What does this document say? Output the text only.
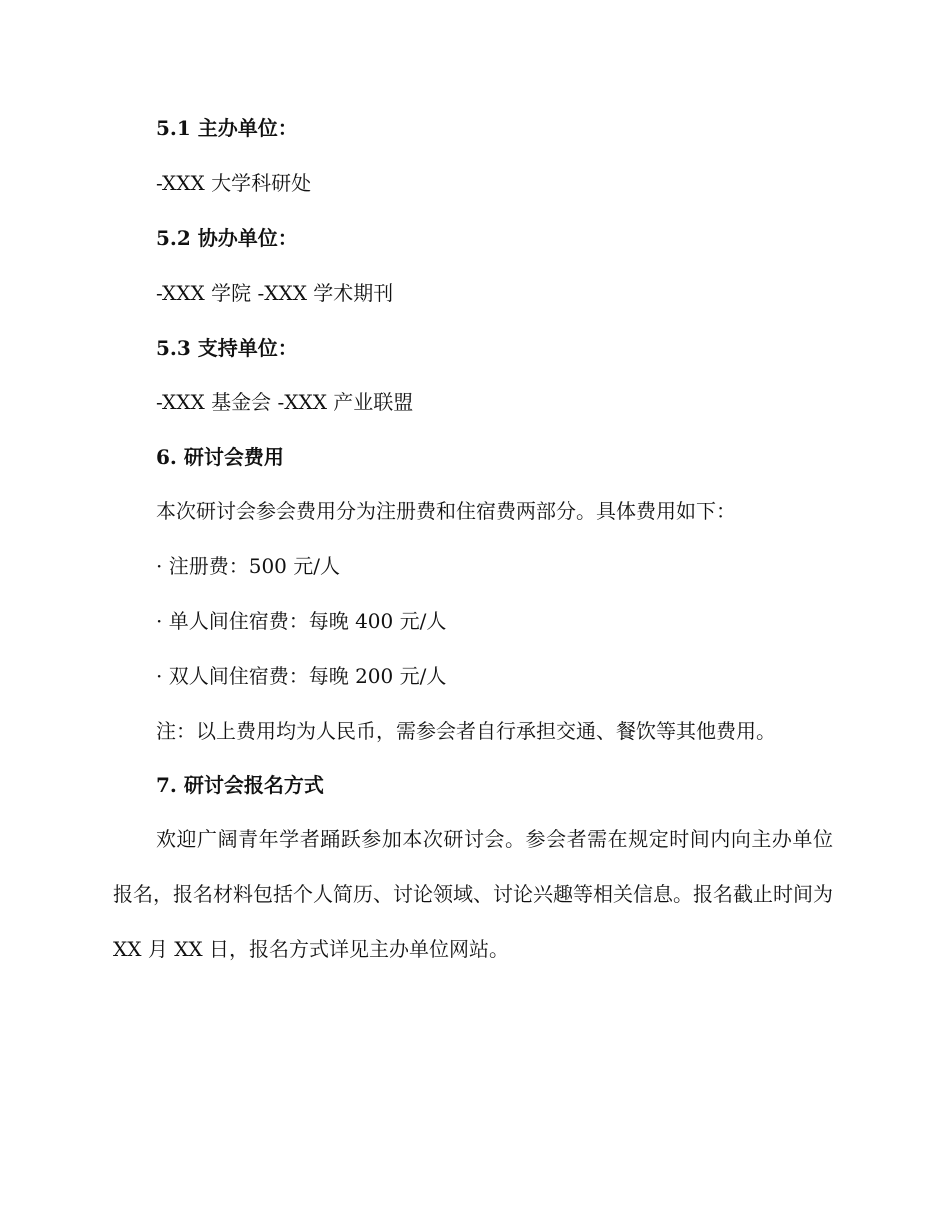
5.1 主办单位：
-XXX 大学科研处
5.2 协办单位：
-XXX 学院 -XXX 学术期刊
5.3 支持单位：
-XXX 基金会 -XXX 产业联盟
6. 研讨会费用
本次研讨会参会费用分为注册费和住宿费两部分。具体费用如下：
· 注册费：500 元/人
· 单人间住宿费：每晚 400 元/人
· 双人间住宿费：每晚 200 元/人
注：以上费用均为人民币，需参会者自行承担交通、餐饮等其他费用。
7. 研讨会报名方式
欢迎广阔青年学者踊跃参加本次研讨会。参会者需在规定时间内向主办单位报名，报名材料包括个人简历、讨论领域、讨论兴趣等相关信息。报名截止时间为 XX 月 XX 日，报名方式详见主办单位网站。
